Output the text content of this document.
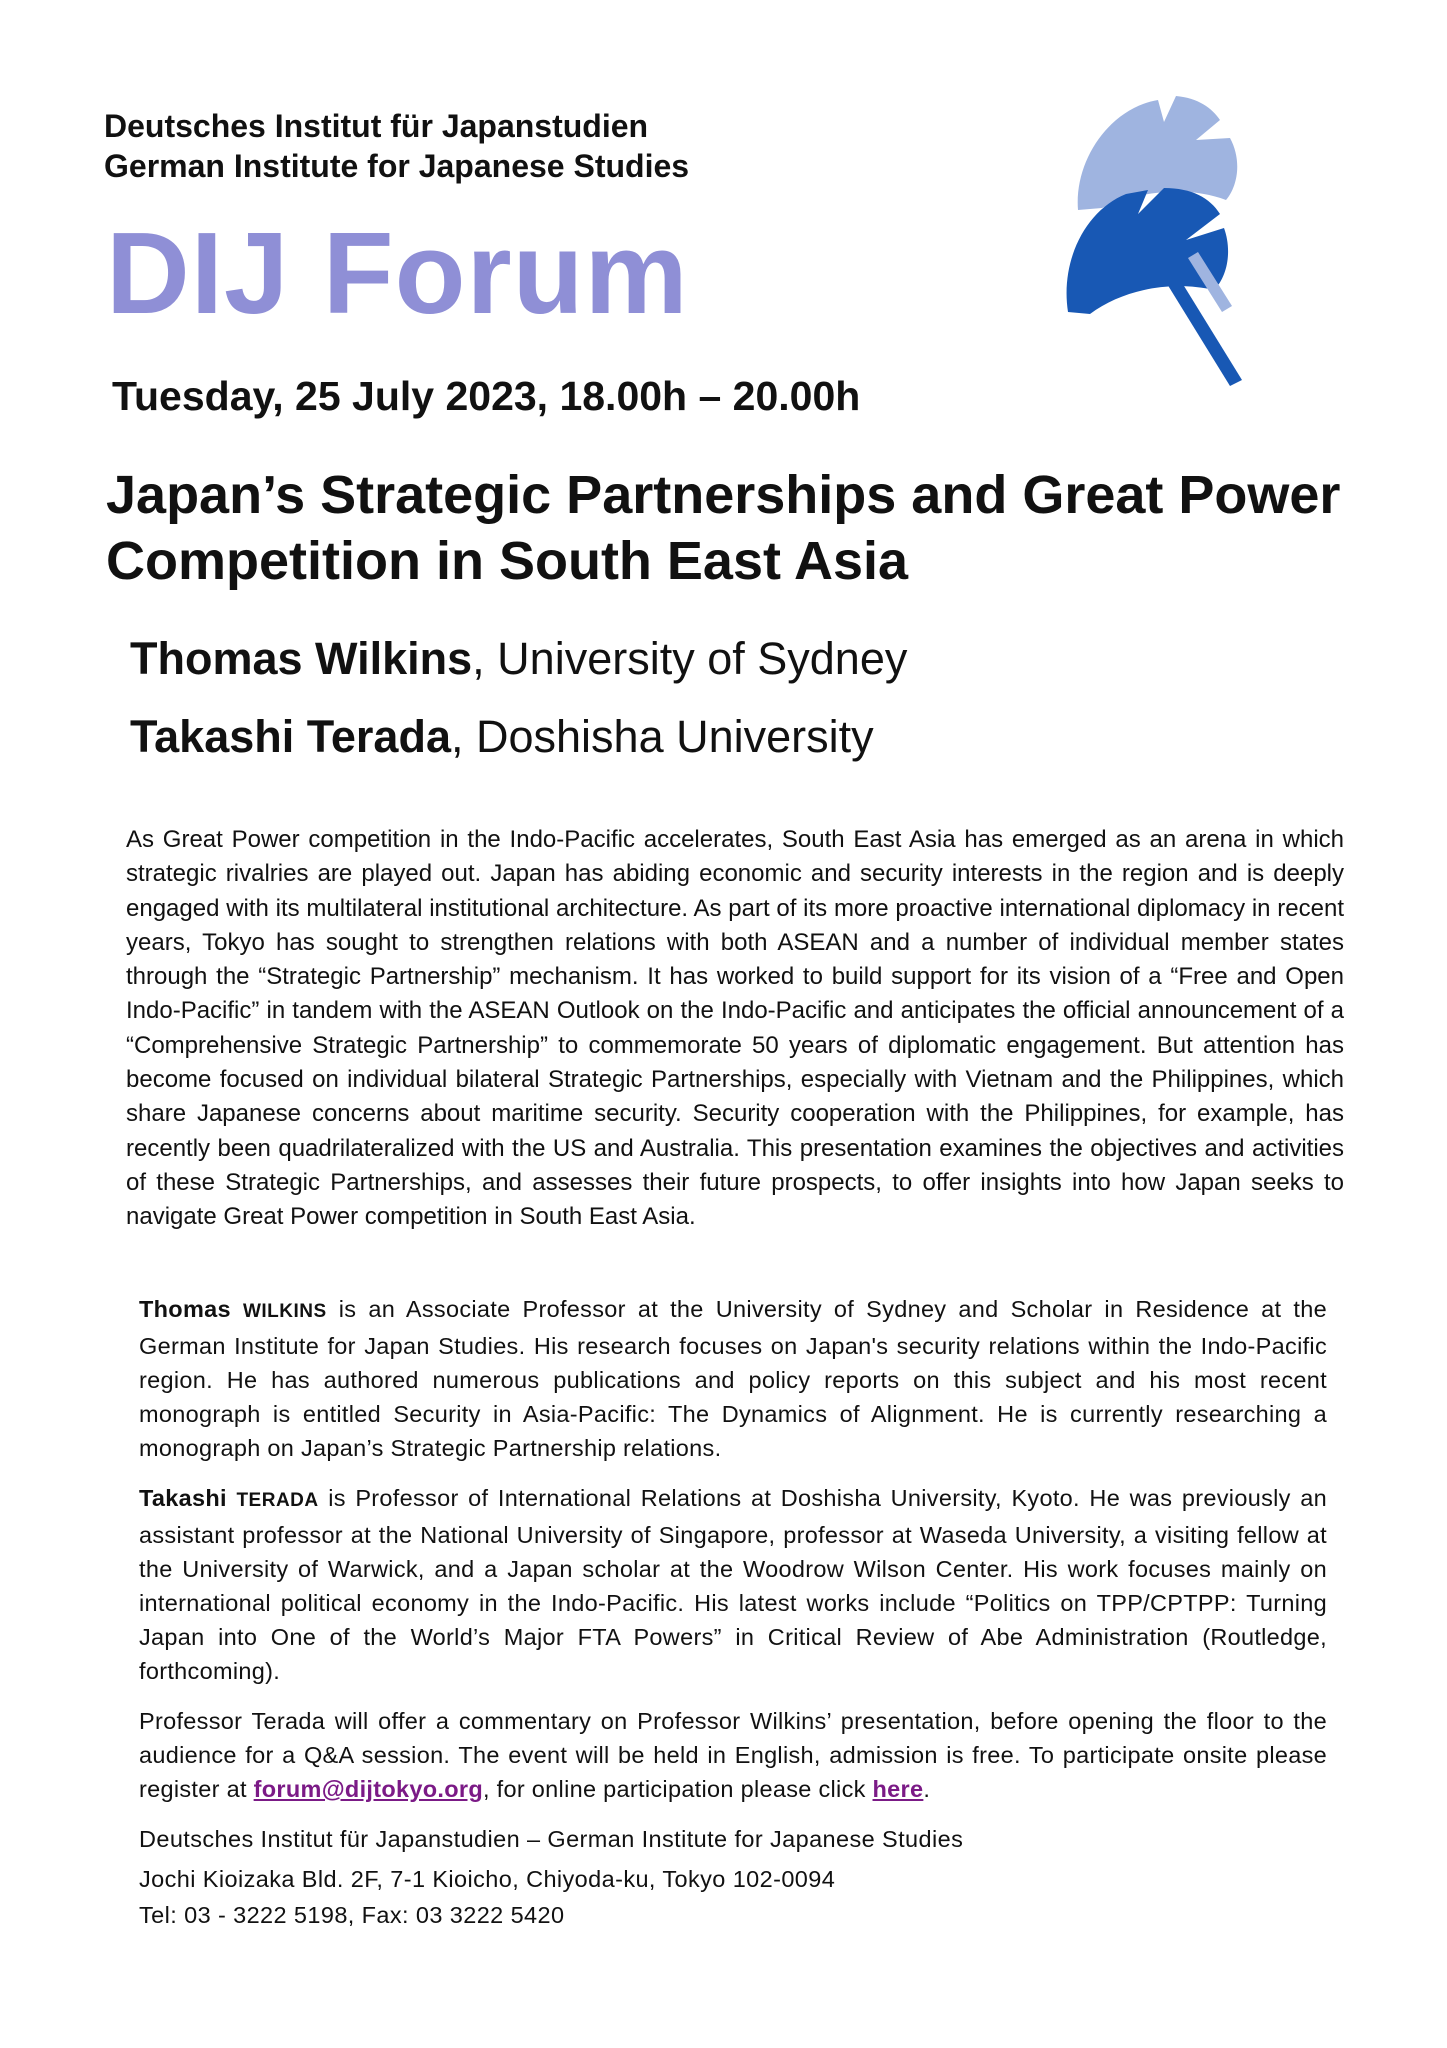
Deutsches Institut für Japanstudien
German Institute for Japanese Studies
DIJ Forum
Tuesday, 25 July 2023, 18.00h – 20.00h
Japan’s Strategic Partnerships and Great Power Competition in South East Asia
Thomas Wilkins, University of Sydney
Takashi Terada, Doshisha University

As Great Power competition in the Indo-Pacific accelerates, South East Asia has emerged as an arena in which strategic rivalries are played out. Japan has abiding economic and security interests in the region and is deeply engaged with its multilateral institutional architecture. As part of its more proactive international diplomacy in recent years, Tokyo has sought to strengthen relations with both ASEAN and a number of individual member states through the “Strategic Partnership” mechanism. It has worked to build support for its vision of a “Free and Open Indo-Pacific” in tandem with the ASEAN Outlook on the Indo-Pacific and anticipates the official announcement of a “Comprehensive Strategic Partnership” to commemorate 50 years of diplomatic engagement. But attention has become focused on individual bilateral Strategic Partnerships, especially with Vietnam and the Philippines, which share Japanese concerns about maritime security. Security cooperation with the Philippines, for example, has recently been quadrilateralized with the US and Australia. This presentation examines the objectives and activities of these Strategic Partnerships, and assesses their future prospects, to offer insights into how Japan seeks to navigate Great Power competition in South East Asia.

Thomas WILKINS is an Associate Professor at the University of Sydney and Scholar in Residence at the German Institute for Japan Studies. His research focuses on Japan's security relations within the Indo-Pacific region. He has authored numerous publications and policy reports on this subject and his most recent monograph is entitled Security in Asia-Pacific: The Dynamics of Alignment. He is currently researching a monograph on Japan’s Strategic Partnership relations.

Takashi TERADA is Professor of International Relations at Doshisha University, Kyoto. He was previously an assistant professor at the National University of Singapore, professor at Waseda University, a visiting fellow at the University of Warwick, and a Japan scholar at the Woodrow Wilson Center. His work focuses mainly on international political economy in the Indo-Pacific. His latest works include “Politics on TPP/CPTPP: Turning Japan into One of the World’s Major FTA Powers” in Critical Review of Abe Administration (Routledge, forthcoming).

Professor Terada will offer a commentary on Professor Wilkins’ presentation, before opening the floor to the audience for a Q&A session. The event will be held in English, admission is free. To participate onsite please register at forum@dijtokyo.org, for online participation please click here.

Deutsches Institut für Japanstudien – German Institute for Japanese Studies
Jochi Kioizaka Bld. 2F, 7-1 Kioicho, Chiyoda-ku, Tokyo 102-0094
Tel: 03 - 3222 5198, Fax: 03 3222 5420
